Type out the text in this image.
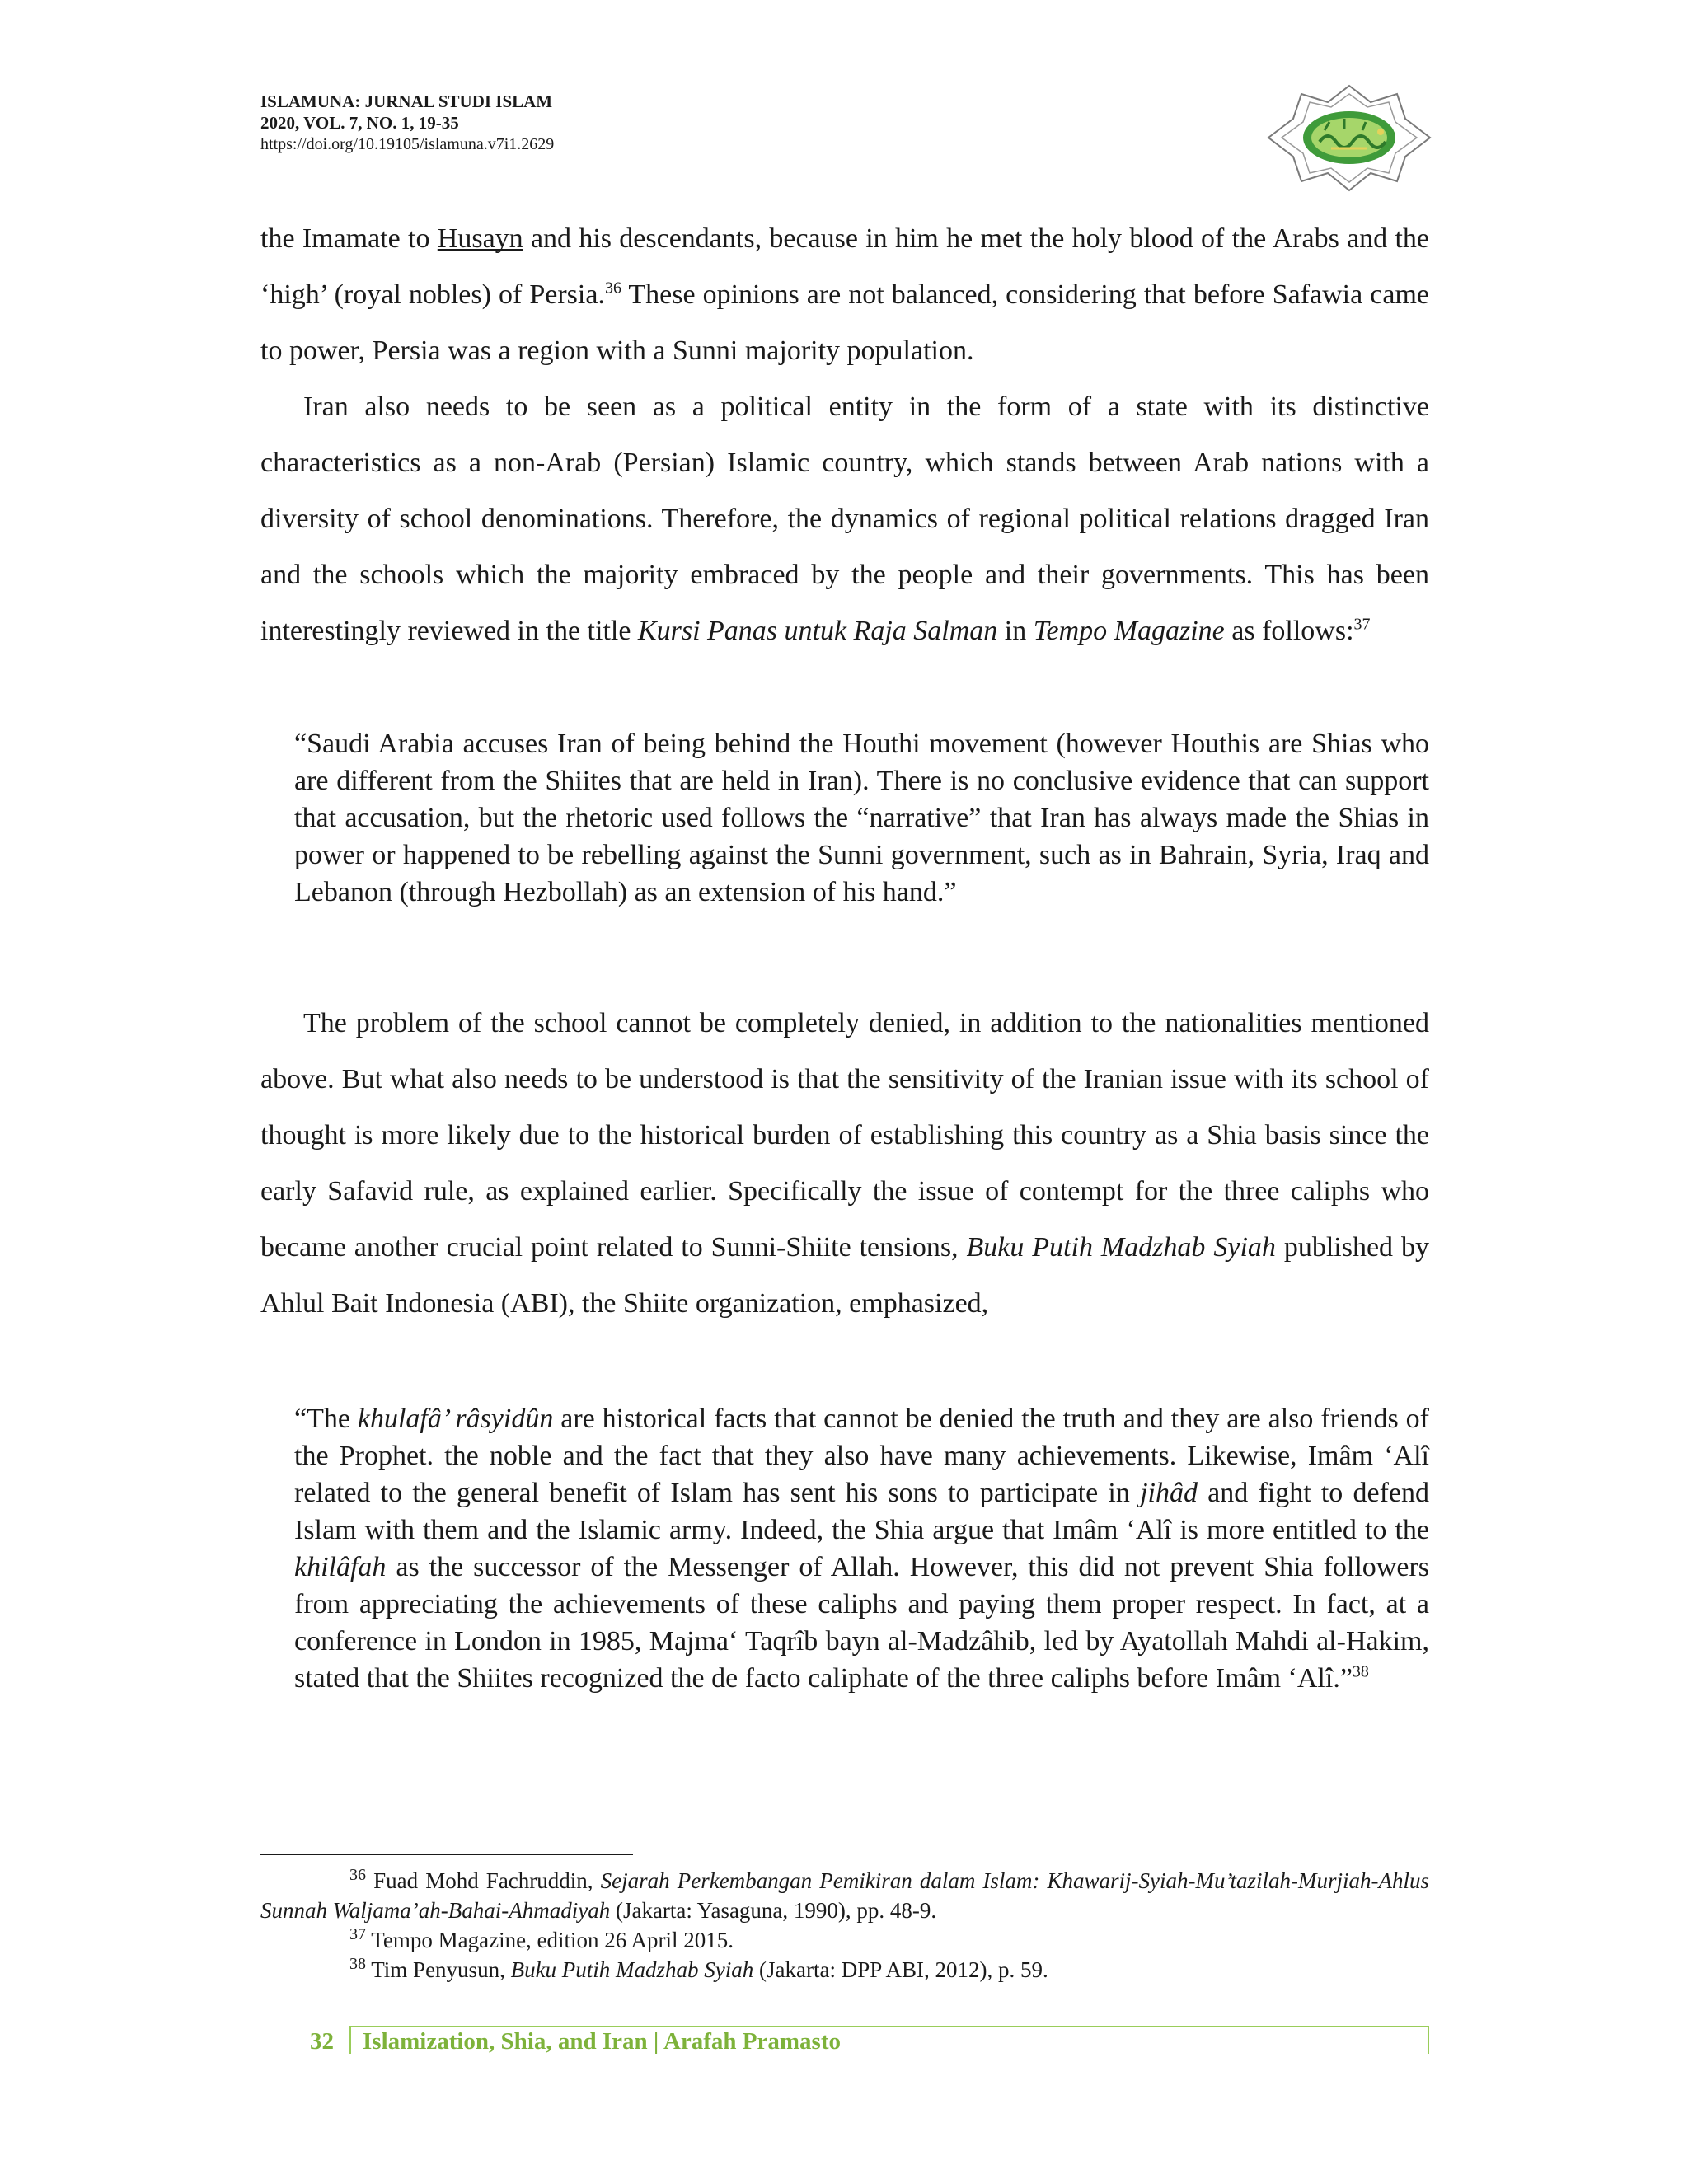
ISLAMUNA: JURNAL STUDI ISLAM
2020, VOL. 7, NO. 1, 19-35
https://doi.org/10.19105/islamuna.v7i1.2629

the Imamate to Husayn and his descendants, because in him he met the holy blood of the Arabs and the ‘high’ (royal nobles) of Persia.$^{36}$ These opinions are not balanced, considering that before Safawia came to power, Persia was a region with a Sunni majority population.

Iran also needs to be seen as a political entity in the form of a state with its distinctive characteristics as a non-Arab (Persian) Islamic country, which stands between Arab nations with a diversity of school denominations. Therefore, the dynamics of regional political relations dragged Iran and the schools which the majority embraced by the people and their governments. This has been interestingly reviewed in the title Kursi Panas untuk Raja Salman in Tempo Magazine as follows:$^{37}$

“Saudi Arabia accuses Iran of being behind the Houthi movement (however Houthis are Shias who are different from the Shiites that are held in Iran). There is no conclusive evidence that can support that accusation, but the rhetoric used follows the “narrative” that Iran has always made the Shias in power or happened to be rebelling against the Sunni government, such as in Bahrain, Syria, Iraq and Lebanon (through Hezbollah) as an extension of his hand.”

The problem of the school cannot be completely denied, in addition to the nationalities mentioned above. But what also needs to be understood is that the sensitivity of the Iranian issue with its school of thought is more likely due to the historical burden of establishing this country as a Shia basis since the early Safavid rule, as explained earlier. Specifically the issue of contempt for the three caliphs who became another crucial point related to Sunni-Shiite tensions, Buku Putih Madzhab Syiah published by Ahlul Bait Indonesia (ABI), the Shiite organization, emphasized,

“The khulafâ’ râsyidûn are historical facts that cannot be denied the truth and they are also friends of the Prophet. the noble and the fact that they also have many achievements. Likewise, Imâm ‘Alî related to the general benefit of Islam has sent his sons to participate in jihâd and fight to defend Islam with them and the Islamic army. Indeed, the Shia argue that Imâm ‘Alî is more entitled to the khilâfah as the successor of the Messenger of Allah. However, this did not prevent Shia followers from appreciating the achievements of these caliphs and paying them proper respect. In fact, at a conference in London in 1985, Majma‘ Taqrîb bayn al-Madzâhib, led by Ayatollah Mahdi al-Hakim, stated that the Shiites recognized the de facto caliphate of the three caliphs before Imâm ‘Alî.”$^{38}$

$^{36}$ Fuad Mohd Fachruddin, Sejarah Perkembangan Pemikiran dalam Islam: Khawarij-Syiah-Mu’tazilah-Murjiah-Ahlus Sunnah Waljama’ah-Bahai-Ahmadiyah (Jakarta: Yasaguna, 1990), pp. 48-9.

$^{37}$ Tempo Magazine, edition 26 April 2015.

$^{38}$ Tim Penyusun, Buku Putih Madzhab Syiah (Jakarta: DPP ABI, 2012), p. 59.

32 Islamization, Shia, and Iran | Arafah Pramasto
